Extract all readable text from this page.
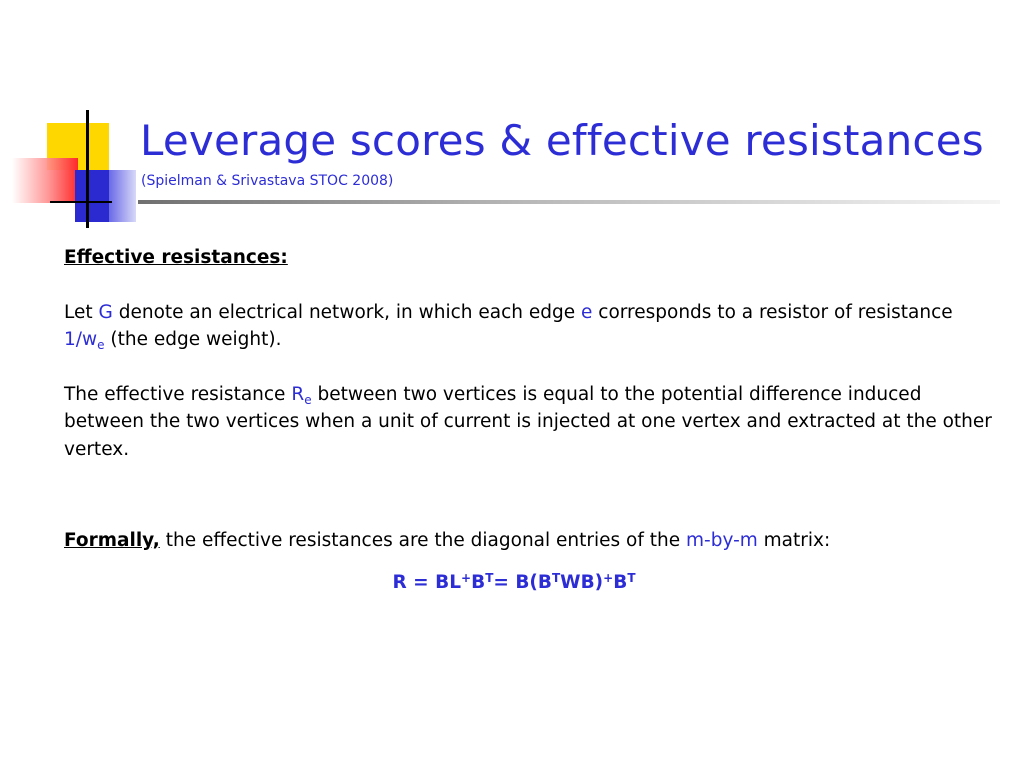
Leverage scores & effective resistances
(Spielman & Srivastava STOC 2008)

Effective resistances:

Let G denote an electrical network, in which each edge e corresponds to a resistor of resistance $1/w_e$ (the edge weight).

The effective resistance $R_e$ between two vertices is equal to the potential difference induced between the two vertices when a unit of current is injected at one vertex and extracted at the other vertex.

Formally, the effective resistances are the diagonal entries of the m-by-m matrix:

$R = BL^+B^T= B(B^TWB)^+B^T$
